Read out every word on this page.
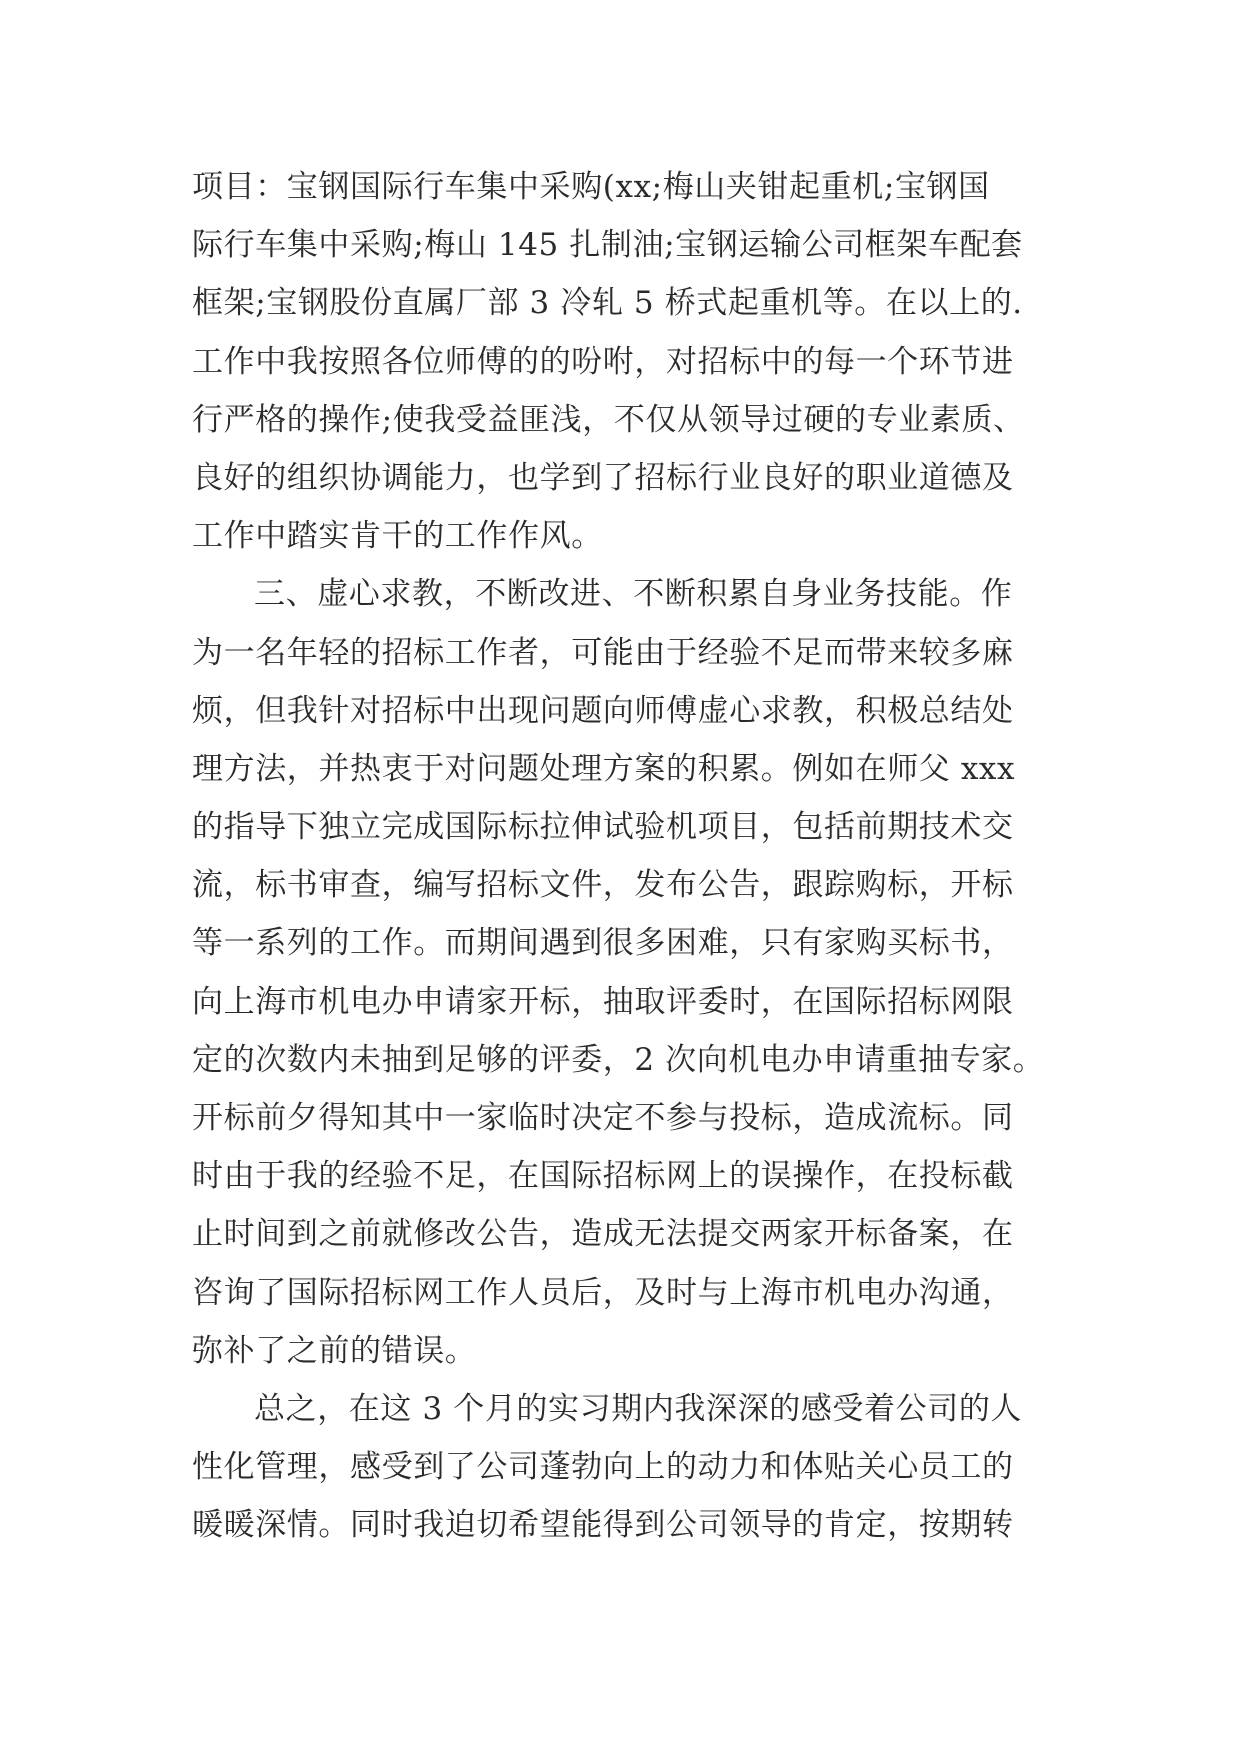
项目：宝钢国际行车集中采购(xx;梅山夹钳起重机;宝钢国
际行车集中采购;梅山 145 扎制油;宝钢运输公司框架车配套
框架;宝钢股份直属厂部 3 冷轧 5 桥式起重机等。在以上的.
工作中我按照各位师傅的的吩咐，对招标中的每一个环节进
行严格的操作;使我受益匪浅，不仅从领导过硬的专业素质、
良好的组织协调能力，也学到了招标行业良好的职业道德及
工作中踏实肯干的工作作风。
三、虚心求教，不断改进、不断积累自身业务技能。作
为一名年轻的招标工作者，可能由于经验不足而带来较多麻
烦，但我针对招标中出现问题向师傅虚心求教，积极总结处
理方法，并热衷于对问题处理方案的积累。例如在师父 xxx
的指导下独立完成国际标拉伸试验机项目，包括前期技术交
流，标书审查，编写招标文件，发布公告，跟踪购标，开标
等一系列的工作。而期间遇到很多困难，只有家购买标书，
向上海市机电办申请家开标，抽取评委时，在国际招标网限
定的次数内未抽到足够的评委，2 次向机电办申请重抽专家。
开标前夕得知其中一家临时决定不参与投标，造成流标。同
时由于我的经验不足，在国际招标网上的误操作，在投标截
止时间到之前就修改公告，造成无法提交两家开标备案，在
咨询了国际招标网工作人员后，及时与上海市机电办沟通，
弥补了之前的错误。
总之，在这 3 个月的实习期内我深深的感受着公司的人
性化管理，感受到了公司蓬勃向上的动力和体贴关心员工的
暖暖深情。同时我迫切希望能得到公司领导的肯定，按期转
